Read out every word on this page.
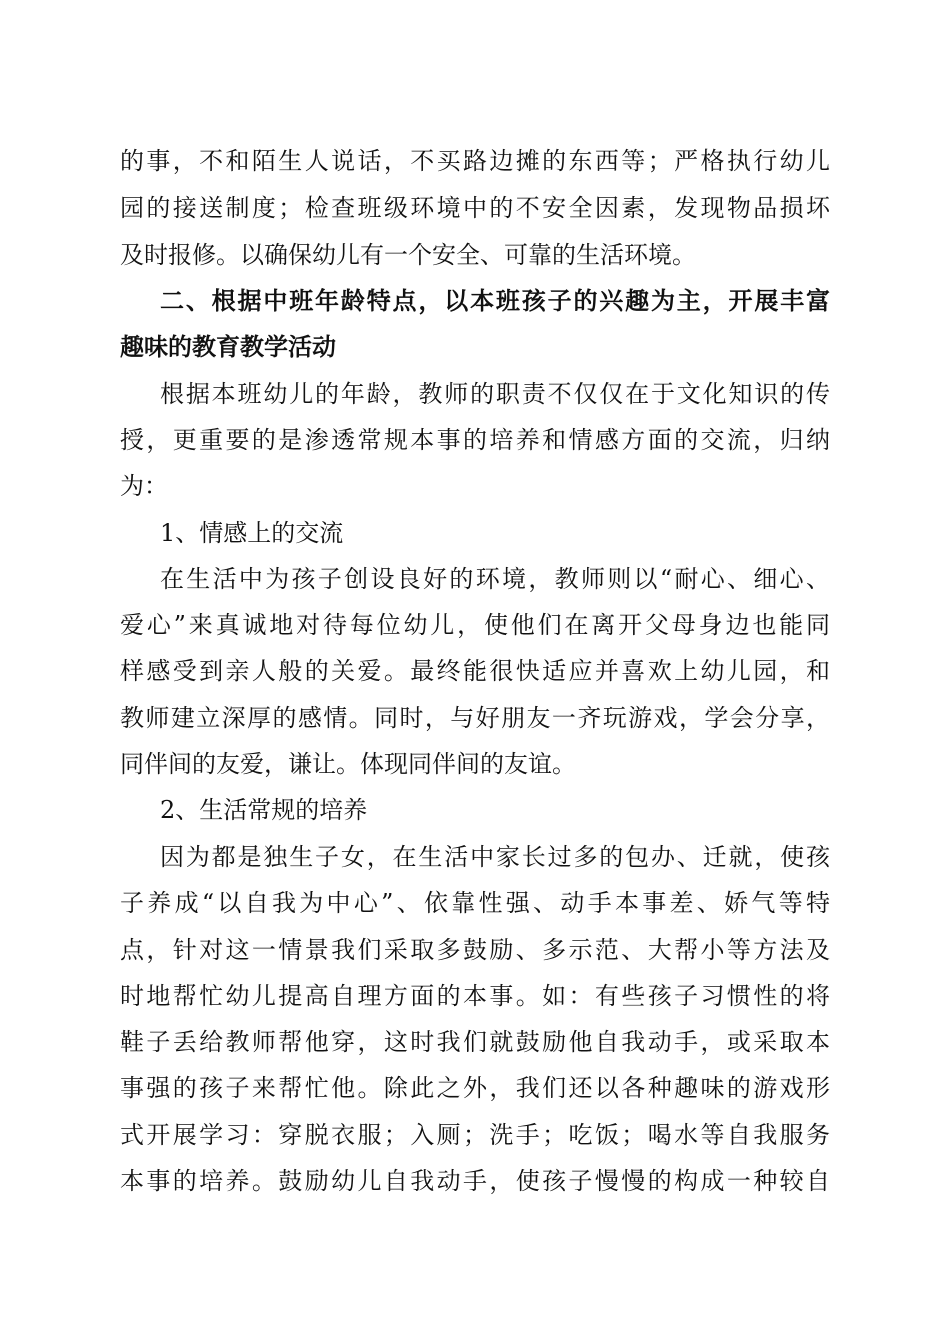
的事，不和陌生人说话，不买路边摊的东西等；严格执行幼儿
园的接送制度；检查班级环境中的不安全因素，发现物品损坏
及时报修。以确保幼儿有一个安全、可靠的生活环境。
二、根据中班年龄特点，以本班孩子的兴趣为主，开展丰富
趣味的教育教学活动
根据本班幼儿的年龄，教师的职责不仅仅在于文化知识的传
授，更重要的是渗透常规本事的培养和情感方面的交流，归纳
为：
1、情感上的交流
在生活中为孩子创设良好的环境，教师则以“耐心、细心、
爱心”来真诚地对待每位幼儿，使他们在离开父母身边也能同
样感受到亲人般的关爱。最终能很快适应并喜欢上幼儿园，和
教师建立深厚的感情。同时，与好朋友一齐玩游戏，学会分享，
同伴间的友爱，谦让。体现同伴间的友谊。
2、生活常规的培养
因为都是独生子女，在生活中家长过多的包办、迁就，使孩
子养成“以自我为中心”、依靠性强、动手本事差、娇气等特
点，针对这一情景我们采取多鼓励、多示范、大帮小等方法及
时地帮忙幼儿提高自理方面的本事。如：有些孩子习惯性的将
鞋子丢给教师帮他穿，这时我们就鼓励他自我动手，或采取本
事强的孩子来帮忙他。除此之外，我们还以各种趣味的游戏形
式开展学习：穿脱衣服；入厕；洗手；吃饭；喝水等自我服务
本事的培养。鼓励幼儿自我动手，使孩子慢慢的构成一种较自
